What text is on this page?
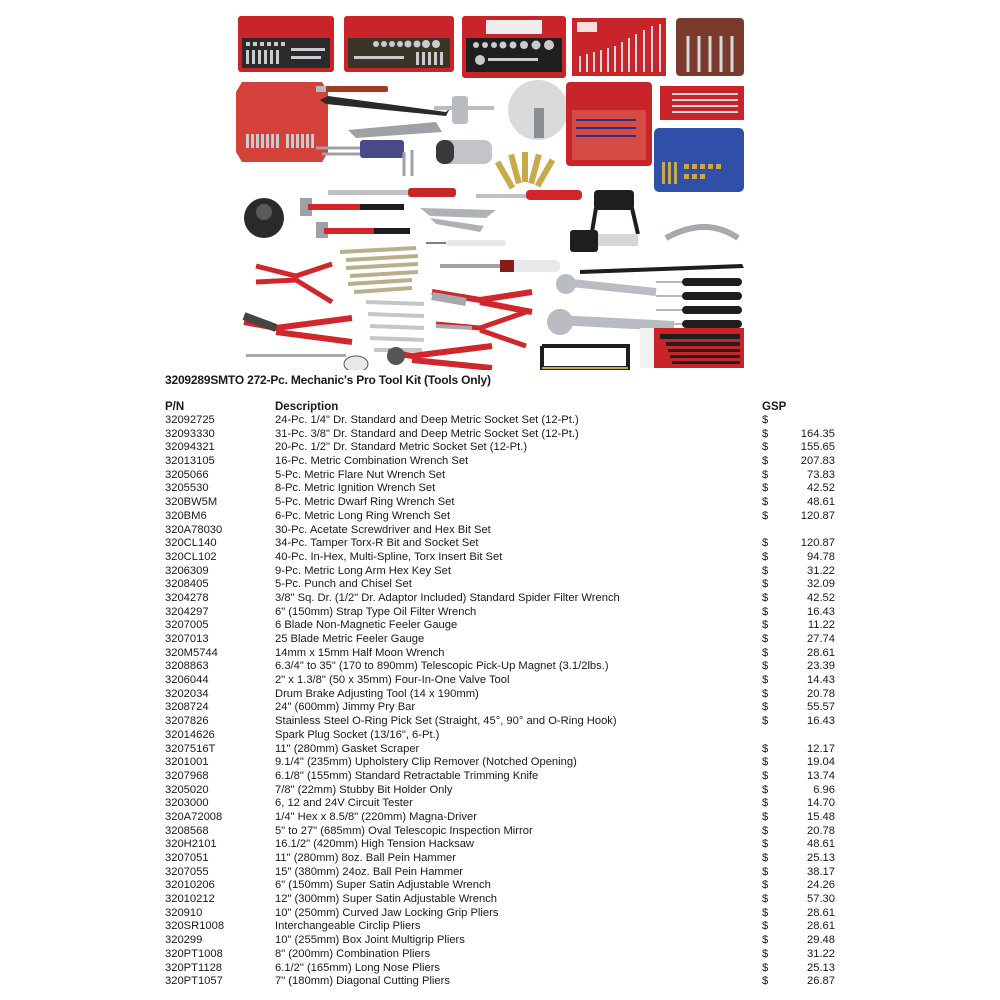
3209289SMTO 272-Pc. Mechanic's Pro Tool Kit (Tools Only)
P/N	Description	GSP
32092725	24-Pc. 1/4" Dr. Standard and Deep Metric Socket Set (12-Pt.)	$
32093330	31-Pc. 3/8" Dr. Standard and Deep Metric Socket Set (12-Pt.)	$	164.35
32094321	20-Pc. 1/2" Dr. Standard Metric Socket Set (12-Pt.)	$	155.65
32013105	16-Pc. Metric Combination Wrench Set	$	207.83
3205066	5-Pc. Metric Flare Nut Wrench Set	$	73.83
3205530	8-Pc. Metric Ignition Wrench Set	$	42.52
320BW5M	5-Pc. Metric Dwarf Ring Wrench Set	$	48.61
320BM6	6-Pc. Metric Long Ring Wrench Set	$	120.87
320A78030	30-Pc. Acetate Screwdriver and Hex Bit Set
320CL140	34-Pc. Tamper Torx-R Bit and Socket Set	$	120.87
320CL102	40-Pc. In-Hex, Multi-Spline, Torx Insert Bit Set	$	94.78
3206309	9-Pc. Metric Long Arm Hex Key Set	$	31.22
3208405	5-Pc. Punch and Chisel Set	$	32.09
3204278	3/8" Sq. Dr. (1/2" Dr. Adaptor Included) Standard Spider Filter Wrench	$	42.52
3204297	6" (150mm) Strap Type Oil Filter Wrench	$	16.43
3207005	6 Blade Non-Magnetic Feeler Gauge	$	11.22
3207013	25 Blade Metric Feeler Gauge	$	27.74
320M5744	14mm x 15mm Half Moon Wrench	$	28.61
3208863	6.3/4" to 35" (170 to 890mm) Telescopic Pick-Up Magnet (3.1/2lbs.)	$	23.39
3206044	2" x 1.3/8" (50 x 35mm) Four-In-One Valve Tool	$	14.43
3202034	Drum Brake Adjusting Tool (14 x 190mm)	$	20.78
3208724	24" (600mm) Jimmy Pry Bar	$	55.57
3207826	Stainless Steel O-Ring Pick Set (Straight, 45°, 90° and O-Ring Hook)	$	16.43
32014626	Spark Plug Socket (13/16", 6-Pt.)
3207516T	11" (280mm) Gasket Scraper	$	12.17
3201001	9.1/4" (235mm) Upholstery Clip Remover (Notched Opening)	$	19.04
3207968	6.1/8" (155mm) Standard Retractable Trimming Knife	$	13.74
3205020	7/8" (22mm) Stubby Bit Holder Only	$	6.96
3203000	6, 12 and 24V Circuit Tester	$	14.70
320A72008	1/4" Hex x 8.5/8" (220mm) Magna-Driver	$	15.48
3208568	5" to 27" (685mm) Oval Telescopic Inspection Mirror	$	20.78
320H2101	16.1/2" (420mm) High Tension Hacksaw	$	48.61
3207051	11" (280mm) 8oz. Ball Pein Hammer	$	25.13
3207055	15" (380mm) 24oz. Ball Pein Hammer	$	38.17
32010206	6" (150mm) Super Satin Adjustable Wrench	$	24.26
32010212	12" (300mm) Super Satin Adjustable Wrench	$	57.30
320910	10" (250mm) Curved Jaw Locking Grip Pliers	$	28.61
320SR1008	Interchangeable Circlip Pliers	$	28.61
320299	10" (255mm) Box Joint Multigrip Pliers	$	29.48
320PT1008	8" (200mm) Combination Pliers	$	31.22
320PT1128	6.1/2" (165mm) Long Nose Pliers	$	25.13
320PT1057	7" (180mm) Diagonal Cutting Pliers	$	26.87
